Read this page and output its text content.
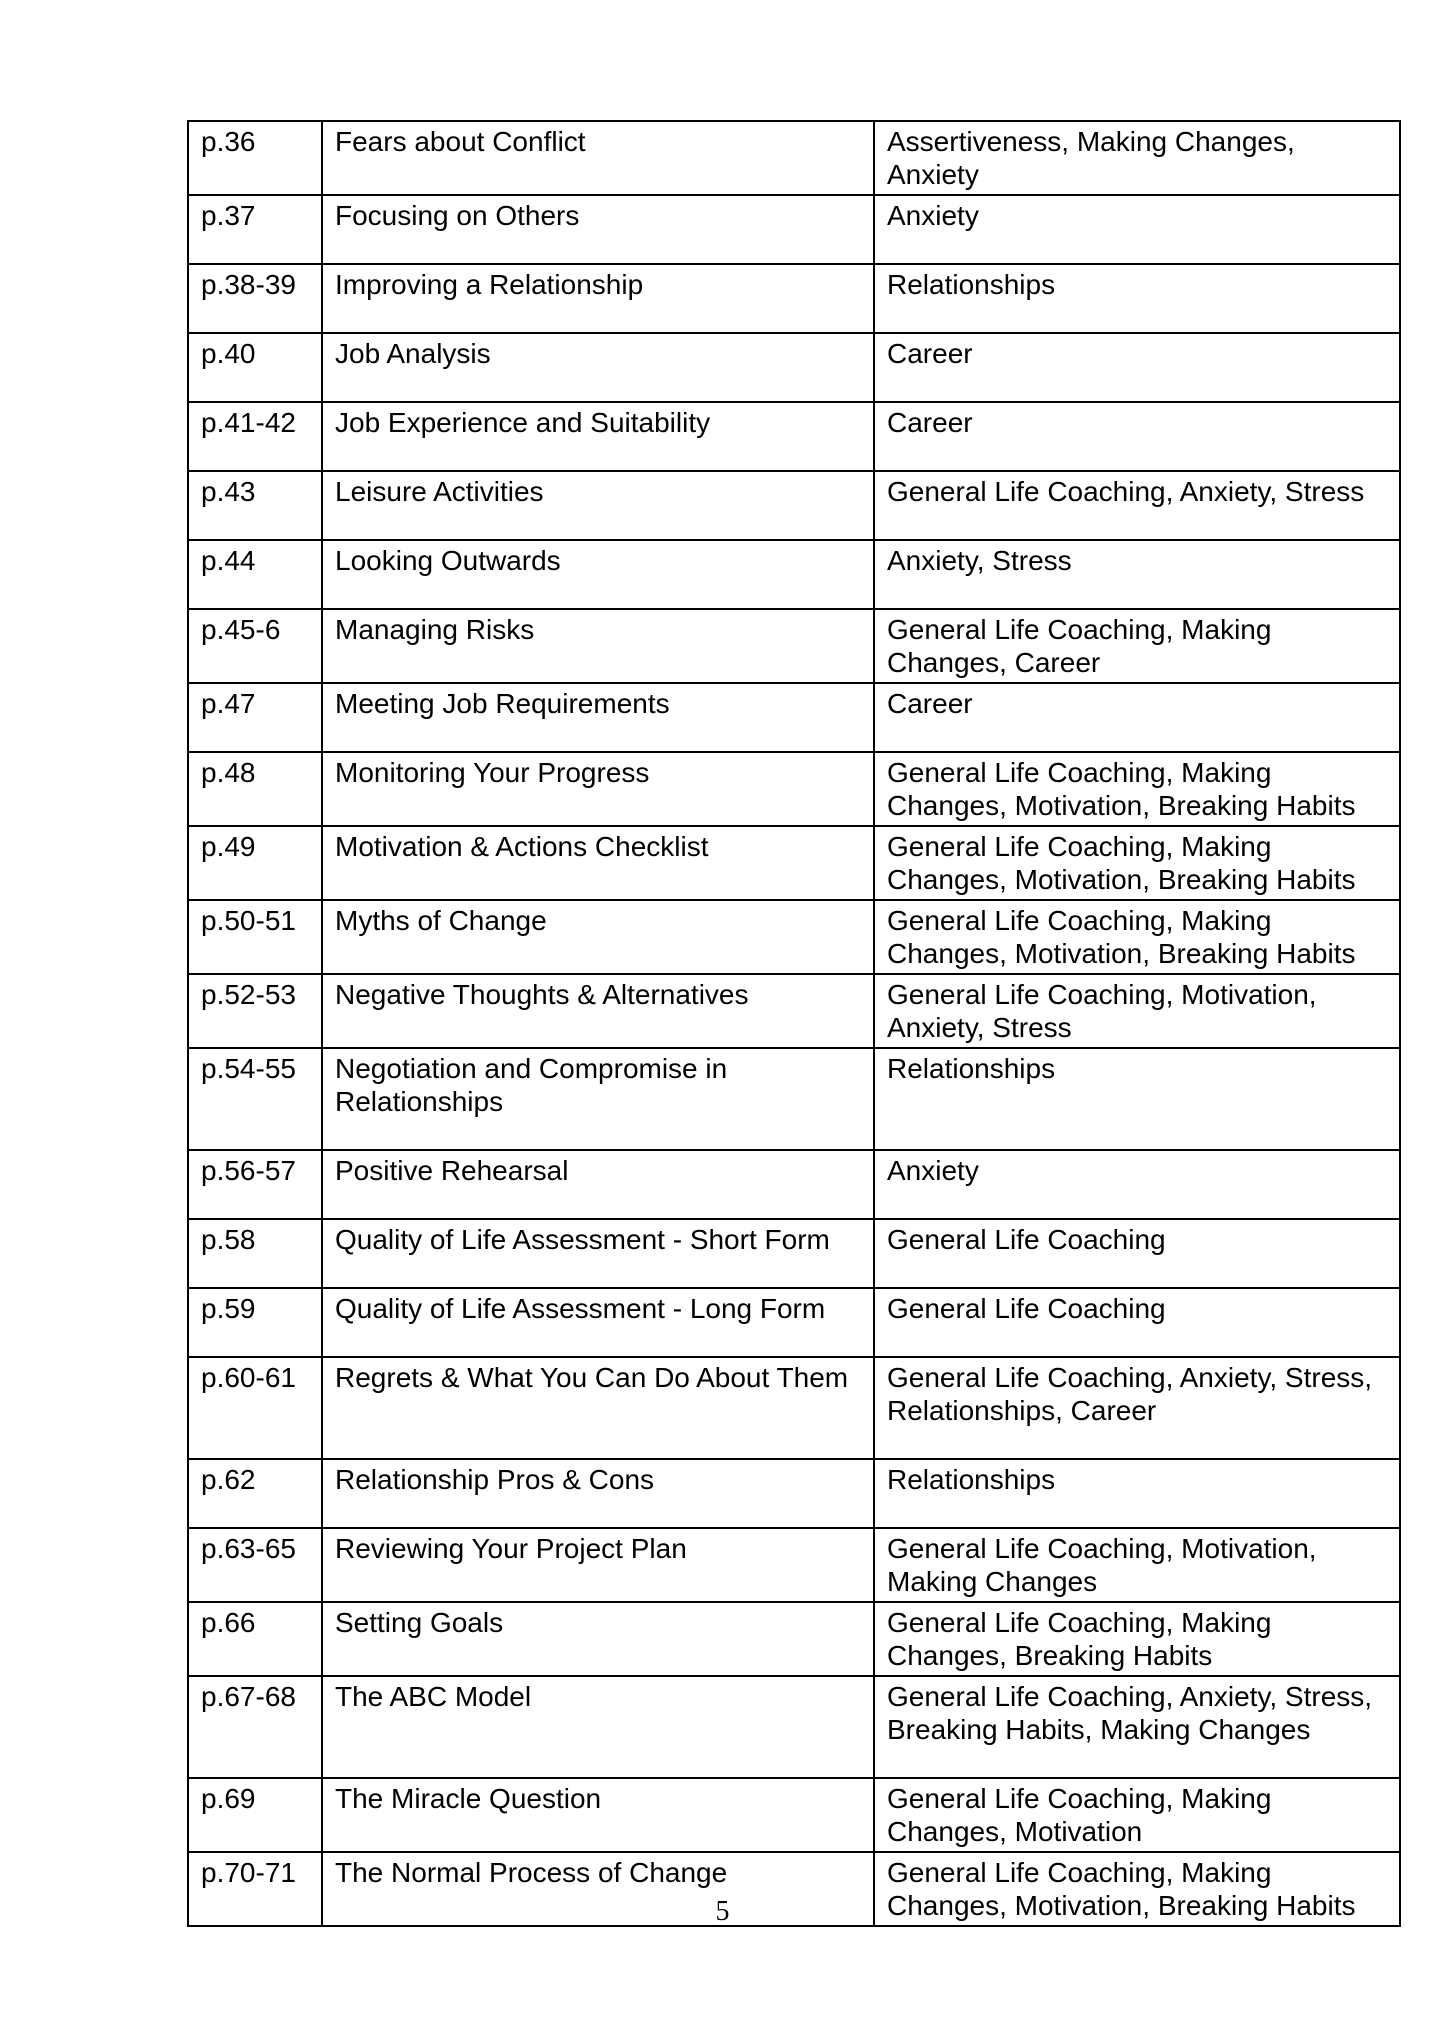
p.36	Fears about Conflict	Assertiveness, Making Changes, Anxiety
p.37	Focusing on Others	Anxiety
p.38-39	Improving a Relationship	Relationships
p.40	Job Analysis	Career
p.41-42	Job Experience and Suitability	Career
p.43	Leisure Activities	General Life Coaching, Anxiety, Stress
p.44	Looking Outwards	Anxiety, Stress
p.45-6	Managing Risks	General Life Coaching, Making Changes, Career
p.47	Meeting Job Requirements	Career
p.48	Monitoring Your Progress	General Life Coaching, Making Changes, Motivation, Breaking Habits
p.49	Motivation & Actions Checklist	General Life Coaching, Making Changes, Motivation, Breaking Habits
p.50-51	Myths of Change	General Life Coaching, Making Changes, Motivation, Breaking Habits
p.52-53	Negative Thoughts & Alternatives	General Life Coaching, Motivation, Anxiety, Stress
p.54-55	Negotiation and Compromise in Relationships	Relationships
p.56-57	Positive Rehearsal	Anxiety
p.58	Quality of Life Assessment - Short Form	General Life Coaching
p.59	Quality of Life Assessment - Long Form	General Life Coaching
p.60-61	Regrets & What You Can Do About Them	General Life Coaching, Anxiety, Stress, Relationships, Career
p.62	Relationship Pros & Cons	Relationships
p.63-65	Reviewing Your Project Plan	General Life Coaching, Motivation, Making Changes
p.66	Setting Goals	General Life Coaching, Making Changes, Breaking Habits
p.67-68	The ABC Model	General Life Coaching, Anxiety, Stress, Breaking Habits, Making Changes
p.69	The Miracle Question	General Life Coaching, Making Changes, Motivation
p.70-71	The Normal Process of Change	General Life Coaching, Making Changes, Motivation, Breaking Habits
5
